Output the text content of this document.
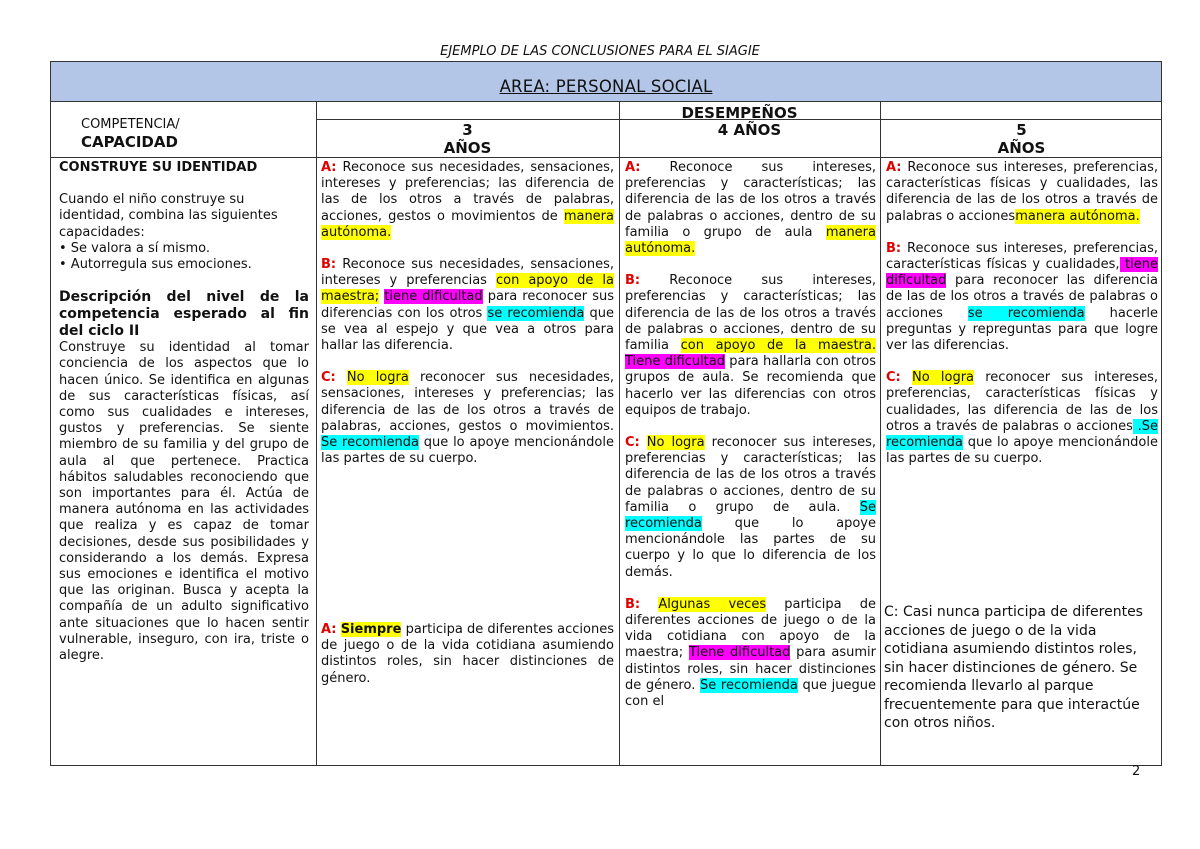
EJEMPLO DE LAS CONCLUSIONES PARA EL SIAGIE
AREA: PERSONAL SOCIAL
COMPETENCIA/
CAPACIDAD
DESEMPEÑOS
3
AÑOS
4 AÑOS	5
AÑOS

CONSTRUYE SU IDENTIDAD

Cuando el niño construye su identidad, combina las siguientes capacidades:

• Se valora a sí mismo.

• Autorregula sus emociones.

Descripción del nivel de la competencia esperado al fin del ciclo II

Construye su identidad al tomar conciencia de los aspectos que lo hacen único. Se identifica en algunas de sus características físicas, así como sus cualidades e intereses, gustos y preferencias. Se siente miembro de su familia y del grupo de aula al que pertenece. Practica hábitos saludables reconociendo que son importantes para él. Actúa de manera autónoma en las actividades que realiza y es capaz de tomar decisiones, desde sus posibilidades y considerando a los demás. Expresa sus emociones e identifica el motivo que las originan. Busca y acepta la compañía de un adulto significativo ante situaciones que lo hacen sentir vulnerable, inseguro, con ira, triste o alegre.

A: Reconoce sus necesidades, sensaciones, intereses y preferencias; las diferencia de las de los otros a través de palabras, acciones, gestos o movimientos de manera autónoma.

B: Reconoce sus necesidades, sensaciones, intereses y preferencias con apoyo de la maestra; tiene dificultad para reconocer sus diferencias con los otros se recomienda que se vea al espejo y que vea a otros para hallar las diferencia.

C: No logra reconocer sus necesidades, sensaciones, intereses y preferencias; las diferencia de las de los otros a través de palabras, acciones, gestos o movimientos. Se recomienda que lo apoye mencionándole las partes de su cuerpo.

A: Siempre participa de diferentes acciones de juego o de la vida cotidiana asumiendo distintos roles, sin hacer distinciones de género.

A: Reconoce sus intereses, preferencias y características; las diferencia de las de los otros a través de palabras o acciones, dentro de su familia o grupo de aula manera autónoma.

B: Reconoce sus intereses, preferencias y características; las diferencia de las de los otros a través de palabras o acciones, dentro de su familia con apoyo de la maestra. Tiene dificultad para hallarla con otros grupos de aula. Se recomienda que hacerlo ver las diferencias con otros equipos de trabajo.

C: No logra reconocer sus intereses, preferencias y características; las diferencia de las de los otros a través de palabras o acciones, dentro de su familia o grupo de aula. Se recomienda que lo apoye mencionándole las partes de su cuerpo y lo que lo diferencia de los demás.

B: Algunas veces participa de diferentes acciones de juego o de la vida cotidiana con apoyo de la maestra; Tiene dificultad para asumir distintos roles, sin hacer distinciones de género. Se recomienda que juegue con el

A: Reconoce sus intereses, preferencias, características físicas y cualidades, las diferencia de las de los otros a través de palabras o accionesmanera autónoma.

B: Reconoce sus intereses, preferencias, características físicas y cualidades, tiene dificultad para reconocer las diferencia de las de los otros a través de palabras o acciones se recomienda hacerle preguntas y repreguntas para que logre ver las diferencias.

C: No logra reconocer sus intereses, preferencias, características físicas y cualidades, las diferencia de las de los otros a través de palabras o acciones .Se recomienda que lo apoye mencionándole las partes de su cuerpo.

C: Casi nunca participa de diferentes acciones de juego o de la vida cotidiana asumiendo distintos roles, sin hacer distinciones de género. Se recomienda llevarlo al parque frecuentemente para que interactúe con otros niños.

2
